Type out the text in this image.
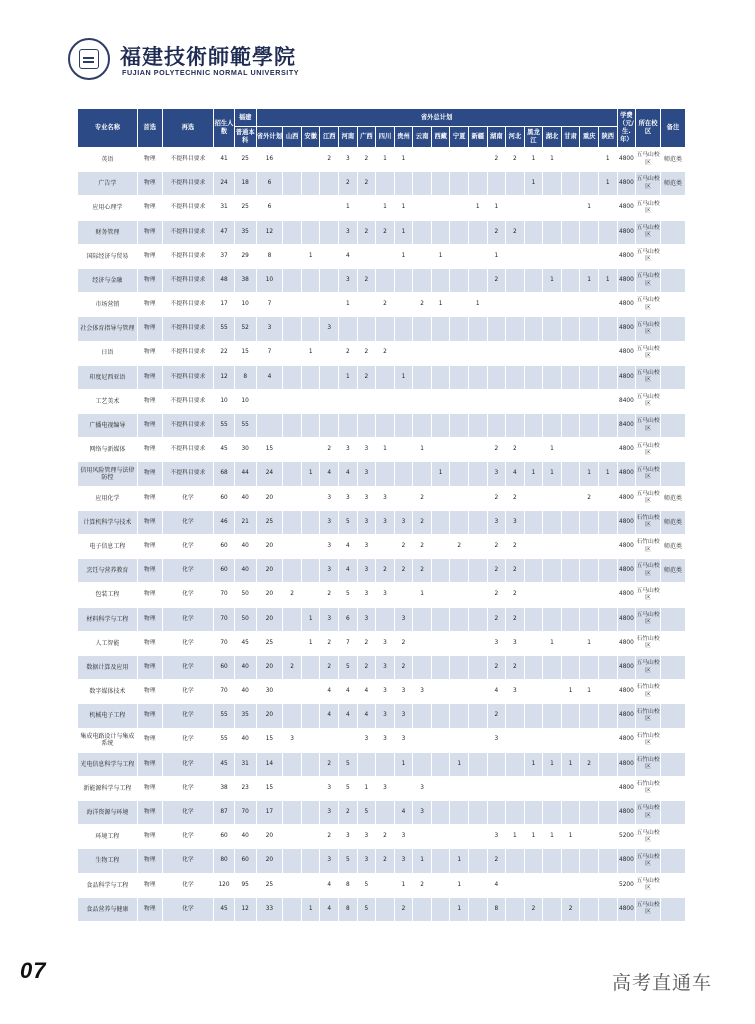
福建技術師範學院
FUJIAN POLYTECHNIC NORMAL UNIVERSITY
专业名称	首选	再选	招生人数	福建	省外总计划																			学费（元/生.年）	所在校区	备注
				普通本科	省外计划	山西	安徽	江西	河南	广西	四川	贵州	云南	西藏	宁夏	新疆	湖南	河北	黑龙江	湖北	甘肃	重庆	陕西			
英语	物理	不提科目要求	41	25	16			2	3	2	1	1					2	2	1	1			1	4800	五马山校区	师范类
广告学	物理	不提科目要求	24	18	6				2	2									1				1	4800	五马山校区	师范类
应用心理学	物理	不提科目要求	31	25	6				1		1	1				1	1					1		4800	五马山校区	
财务管理	物理	不提科目要求	47	35	12				3	2	2	1					2	2						4800	五马山校区	
国际经济与贸易	物理	不提科目要求	37	29	8		1		4			1		1			1							4800	五马山校区	
经济与金融	物理	不提科目要求	48	38	10				3	2							2			1		1	1	4800	五马山校区	
市场营销	物理	不提科目要求	17	10	7				1		2		2	1		1								4800	五马山校区	
社会体育指导与管理	物理	不提科目要求	55	52	3			3																4800	五马山校区	
日语	物理	不提科目要求	22	15	7		1		2	2	2													4800	五马山校区	
印度尼西亚语	物理	不提科目要求	12	8	4				1	2		1												4800	五马山校区	
工艺美术	物理	不提科目要求	10	10																				8400	五马山校区	
广播电视编导	物理	不提科目要求	55	55																				8400	五马山校区	
网络与新媒体	物理	不提科目要求	45	30	15			2	3	3	1		1				2	2		1				4800	五马山校区	
信用风险管理与法律防控	物理	不提科目要求	68	44	24		1	4	4	3				1			3	4	1	1		1	1	4800	五马山校区	
应用化学	物理	化学	60	40	20			3	3	3	3		2				2	2				2		4800	五马山校区	师范类
计算机科学与技术	物理	化学	46	21	25			3	5	3	3	3	2				3	3						4800	石竹山校区	师范类
电子信息工程	物理	化学	60	40	20			3	4	3		2	2		2		2	2						4800	石竹山校区	师范类
烹饪与营养教育	物理	化学	60	40	20			3	4	3	2	2	2				2	2						4800	五马山校区	师范类
包装工程	物理	化学	70	50	20	2		2	5	3	3		1				2	2						4800	五马山校区	
材料科学与工程	物理	化学	70	50	20		1	3	6	3		3					2	2						4800	五马山校区	
人工智能	物理	化学	70	45	25		1	2	7	2	3	2					3	3		1		1		4800	石竹山校区	
数据计算及应用	物理	化学	60	40	20	2		2	5	2	3	2					2	2						4800	五马山校区	
数字媒体技术	物理	化学	70	40	30			4	4	4	3	3	3				4	3			1	1		4800	石竹山校区	
机械电子工程	物理	化学	55	35	20			4	4	4	3	3					2							4800	石竹山校区	
集成电路设计与集成系统	物理	化学	55	40	15	3				3	3	3					3							4800	石竹山校区	
光电信息科学与工程	物理	化学	45	31	14			2	5			1			1				1	1	1	2		4800	石竹山校区	
新能源科学与工程	物理	化学	38	23	15			3	5	1	3		3											4800	石竹山校区	
海洋资源与环境	物理	化学	87	70	17			3	2	5		4	3											4800	五马山校区	
环境工程	物理	化学	60	40	20			2	3	3	2	3					3	1	1	1	1			5200	五马山校区	
生物工程	物理	化学	80	60	20			3	5	3	2	3	1		1		2							4800	五马山校区	
食品科学与工程	物理	化学	120	95	25			4	8	5		1	2		1		4							5200	五马山校区	
食品营养与健康	物理	化学	45	12	33		1	4	8	5		2			1		8		2		2			4800	五马山校区	
07	高考直通车
